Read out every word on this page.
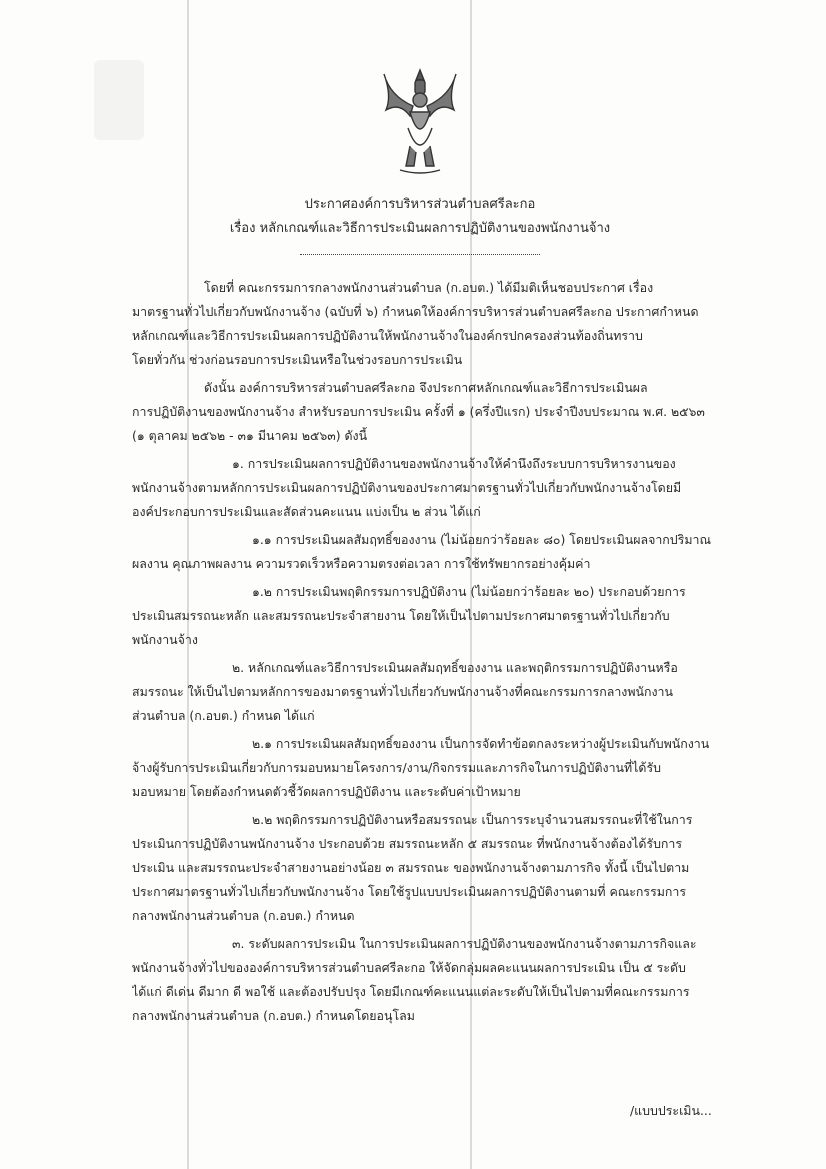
ประกาศองค์การบริหารส่วนตำบลศรีละกอ
เรื่อง หลักเกณฑ์และวิธีการประเมินผลการปฏิบัติงานของพนักงานจ้าง
โดยที่ คณะกรรมการกลางพนักงานส่วนตำบล (ก.อบต.) ได้มีมติเห็นชอบประกาศ เรื่อง
มาตรฐานทั่วไปเกี่ยวกับพนักงานจ้าง (ฉบับที่ ๖) กำหนดให้องค์การบริหารส่วนตำบลศรีละกอ ประกาศกำหนด
หลักเกณฑ์และวิธีการประเมินผลการปฏิบัติงานให้พนักงานจ้างในองค์กรปกครองส่วนท้องถิ่นทราบ
โดยทั่วกัน ช่วงก่อนรอบการประเมินหรือในช่วงรอบการประเมิน
ดังนั้น องค์การบริหารส่วนตำบลศรีละกอ จึงประกาศหลักเกณฑ์และวิธีการประเมินผล
การปฏิบัติงานของพนักงานจ้าง สำหรับรอบการประเมิน ครั้งที่ ๑ (ครึ่งปีแรก) ประจำปีงบประมาณ พ.ศ. ๒๕๖๓
(๑ ตุลาคม ๒๕๖๒ - ๓๑ มีนาคม ๒๕๖๓) ดังนี้
๑. การประเมินผลการปฏิบัติงานของพนักงานจ้างให้คำนึงถึงระบบการบริหารงานของ
พนักงานจ้างตามหลักการประเมินผลการปฏิบัติงานของประกาศมาตรฐานทั่วไปเกี่ยวกับพนักงานจ้างโดยมี
องค์ประกอบการประเมินและสัดส่วนคะแนน แบ่งเป็น ๒ ส่วน ได้แก่
๑.๑ การประเมินผลสัมฤทธิ์ของงาน (ไม่น้อยกว่าร้อยละ ๘๐) โดยประเมินผลจากปริมาณ
ผลงาน คุณภาพผลงาน ความรวดเร็วหรือความตรงต่อเวลา การใช้ทรัพยากรอย่างคุ้มค่า
๑.๒ การประเมินพฤติกรรมการปฏิบัติงาน (ไม่น้อยกว่าร้อยละ ๒๐) ประกอบด้วยการ
ประเมินสมรรถนะหลัก และสมรรถนะประจำสายงาน โดยให้เป็นไปตามประกาศมาตรฐานทั่วไปเกี่ยวกับ
พนักงานจ้าง
๒. หลักเกณฑ์และวิธีการประเมินผลสัมฤทธิ์ของงาน และพฤติกรรมการปฏิบัติงานหรือ
สมรรถนะ ให้เป็นไปตามหลักการของมาตรฐานทั่วไปเกี่ยวกับพนักงานจ้างที่คณะกรรมการกลางพนักงาน
ส่วนตำบล (ก.อบต.) กำหนด ได้แก่
๒.๑ การประเมินผลสัมฤทธิ์ของงาน เป็นการจัดทำข้อตกลงระหว่างผู้ประเมินกับพนักงาน
จ้างผู้รับการประเมินเกี่ยวกับการมอบหมายโครงการ/งาน/กิจกรรมและภารกิจในการปฏิบัติงานที่ได้รับ
มอบหมาย โดยต้องกำหนดตัวชี้วัดผลการปฏิบัติงาน และระดับค่าเป้าหมาย
๒.๒ พฤติกรรมการปฏิบัติงานหรือสมรรถนะ เป็นการระบุจำนวนสมรรถนะที่ใช้ในการ
ประเมินการปฏิบัติงานพนักงานจ้าง ประกอบด้วย สมรรถนะหลัก ๕ สมรรถนะ ที่พนักงานจ้างต้องได้รับการ
ประเมิน และสมรรถนะประจำสายงานอย่างน้อย ๓ สมรรถนะ ของพนักงานจ้างตามภารกิจ ทั้งนี้ เป็นไปตาม
ประกาศมาตรฐานทั่วไปเกี่ยวกับพนักงานจ้าง โดยใช้รูปแบบประเมินผลการปฏิบัติงานตามที่ คณะกรรมการ
กลางพนักงานส่วนตำบล (ก.อบต.) กำหนด
๓. ระดับผลการประเมิน ในการประเมินผลการปฏิบัติงานของพนักงานจ้างตามภารกิจและ
พนักงานจ้างทั่วไปขององค์การบริหารส่วนตำบลศรีละกอ ให้จัดกลุ่มผลคะแนนผลการประเมิน เป็น ๕ ระดับ
ได้แก่ ดีเด่น ดีมาก ดี พอใช้ และต้องปรับปรุง โดยมีเกณฑ์คะแนนแต่ละระดับให้เป็นไปตามที่คณะกรรมการ
กลางพนักงานส่วนตำบล (ก.อบต.) กำหนดโดยอนุโลม
/แบบประเมิน...
